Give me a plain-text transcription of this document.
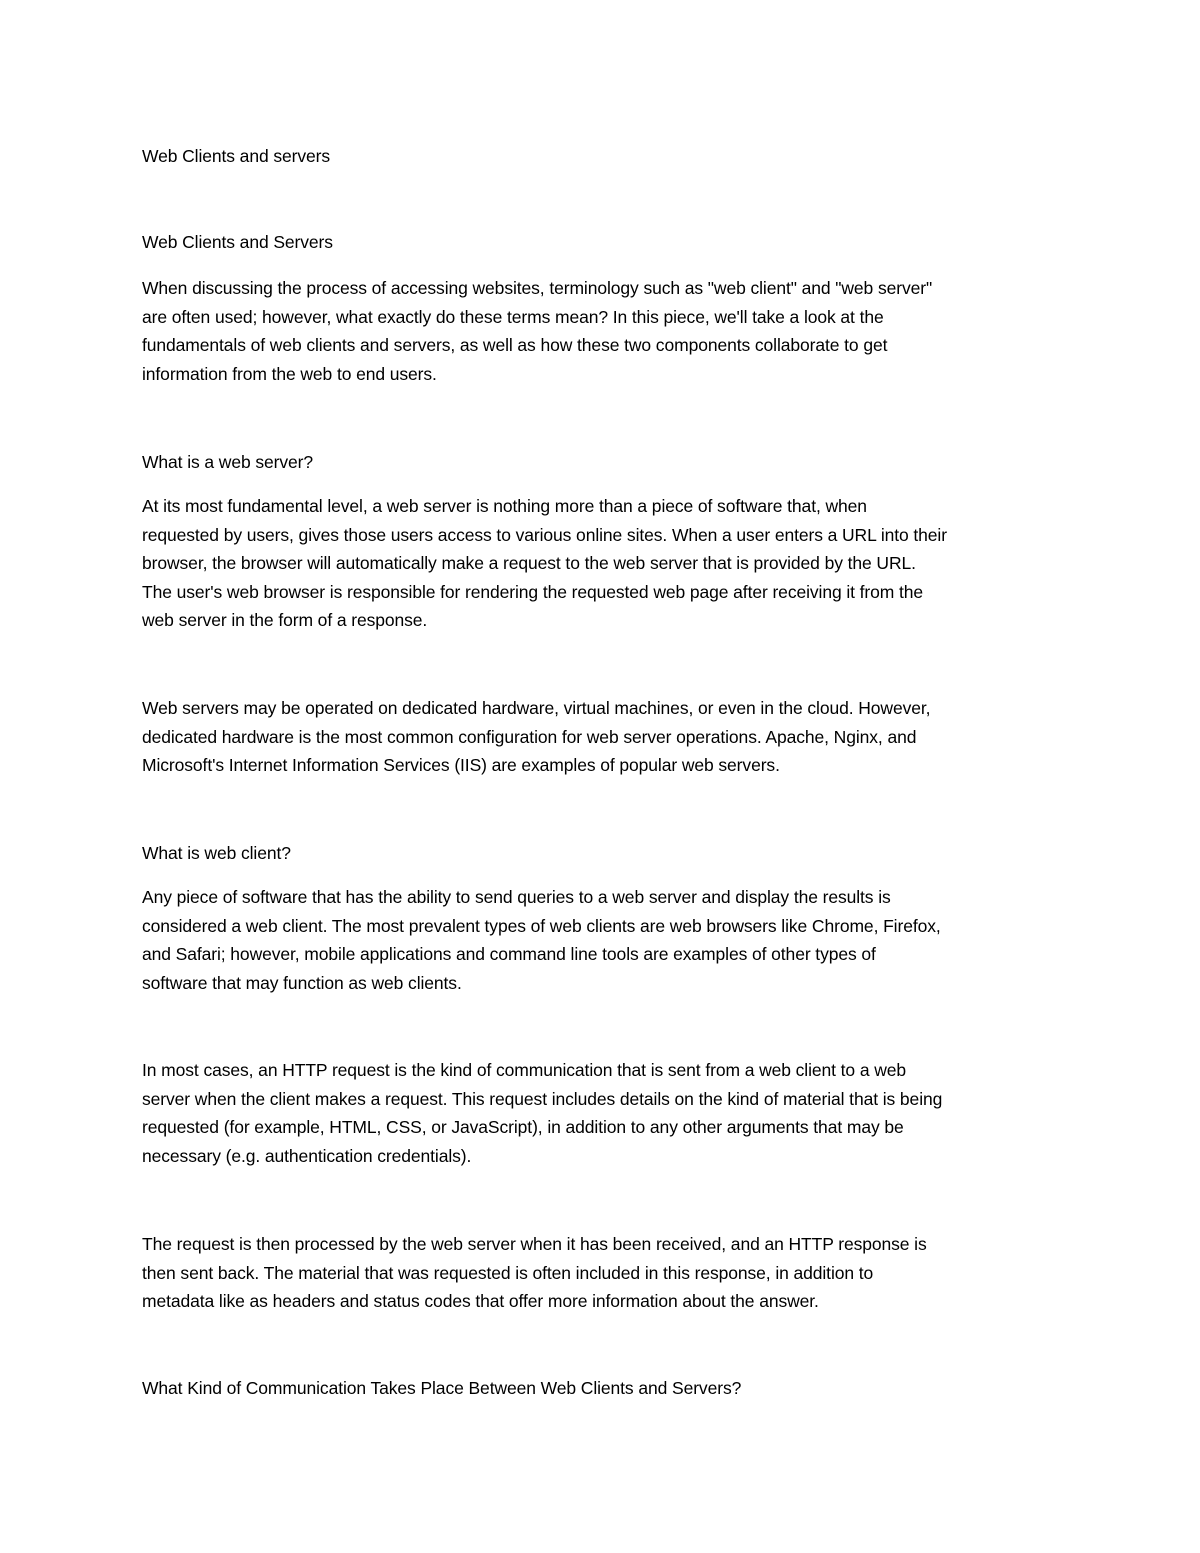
Web Clients and servers

Web Clients and Servers

When discussing the process of accessing websites, terminology such as "web client" and "web server"
are often used; however, what exactly do these terms mean? In this piece, we'll take a look at the
fundamentals of web clients and servers, as well as how these two components collaborate to get
information from the web to end users.

What is a web server?

At its most fundamental level, a web server is nothing more than a piece of software that, when
requested by users, gives those users access to various online sites. When a user enters a URL into their
browser, the browser will automatically make a request to the web server that is provided by the URL.
The user's web browser is responsible for rendering the requested web page after receiving it from the
web server in the form of a response.
Web servers may be operated on dedicated hardware, virtual machines, or even in the cloud. However,
dedicated hardware is the most common configuration for web server operations. Apache, Nginx, and
Microsoft's Internet Information Services (IIS) are examples of popular web servers.

What is web client?

Any piece of software that has the ability to send queries to a web server and display the results is
considered a web client. The most prevalent types of web clients are web browsers like Chrome, Firefox,
and Safari; however, mobile applications and command line tools are examples of other types of
software that may function as web clients.
In most cases, an HTTP request is the kind of communication that is sent from a web client to a web
server when the client makes a request. This request includes details on the kind of material that is being
requested (for example, HTML, CSS, or JavaScript), in addition to any other arguments that may be
necessary (e.g. authentication credentials).
The request is then processed by the web server when it has been received, and an HTTP response is
then sent back. The material that was requested is often included in this response, in addition to
metadata like as headers and status codes that offer more information about the answer.

What Kind of Communication Takes Place Between Web Clients and Servers?
